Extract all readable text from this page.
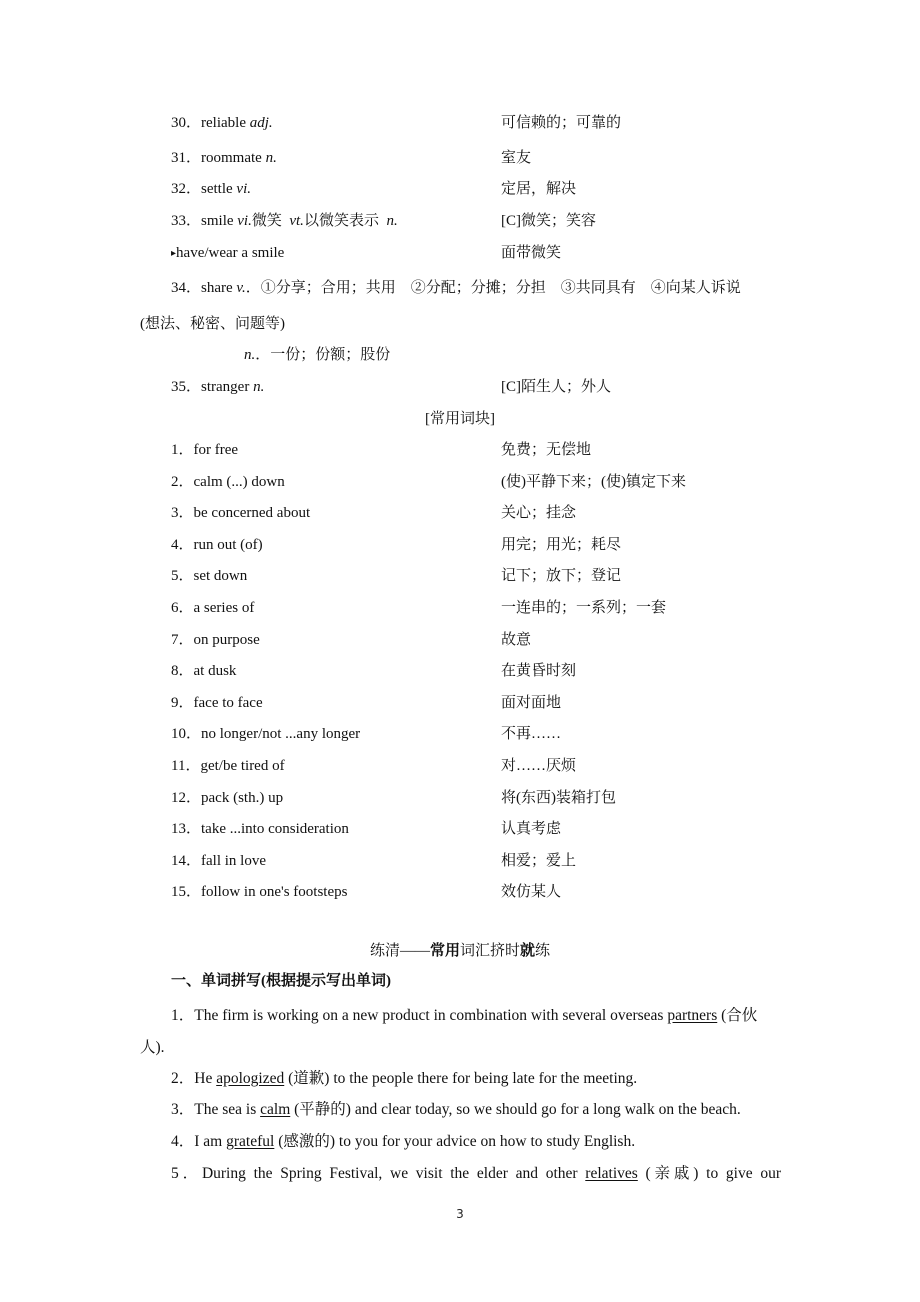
30．reliable adj.	可信赖的；可靠的
31．roommate n.	室友
32．settle vi.	定居，解决
33．smile vi.微笑 vt.以微笑表示 n.	[C]微笑；笑容
▸have/wear a smile	面带微笑
34．share v.．①分享；合用；共用　②分配；分摊；分担　③共同具有　④向某人诉说
(想法、秘密、问题等)
n.．一份；份额；股份
35．stranger n.	[C]陌生人；外人
[常用词块]
1．for free	免费；无偿地
2．calm (...) down	(使)平静下来；(使)镇定下来
3．be concerned about	关心；挂念
4．run out (of)	用完；用光；耗尽
5．set down	记下；放下；登记
6．a series of	一连串的；一系列；一套
7．on purpose	故意
8．at dusk	在黄昏时刻
9．face to face	面对面地
10．no longer/not ...any longer	不再……
11．get/be tired of	对……厌烦
12．pack (sth.) up	将(东西)装箱打包
13．take ...into consideration	认真考虑
14．fall in love	相爱；爱上
15．follow in one's footsteps	效仿某人
练清——常用词汇挤时就练
一、单词拼写(根据提示写出单词)
1．The firm is working on a new product in combination with several overseas partners (合伙
人).
2．He apologized (道歉) to the people there for being late for the meeting.
3．The sea is calm (平静的) and clear today, so we should go for a long walk on the beach.
4．I am grateful (感激的) to you for your advice on how to study English.
5．During the Spring Festival, we visit the elder and other relatives (亲戚) to give our
3
